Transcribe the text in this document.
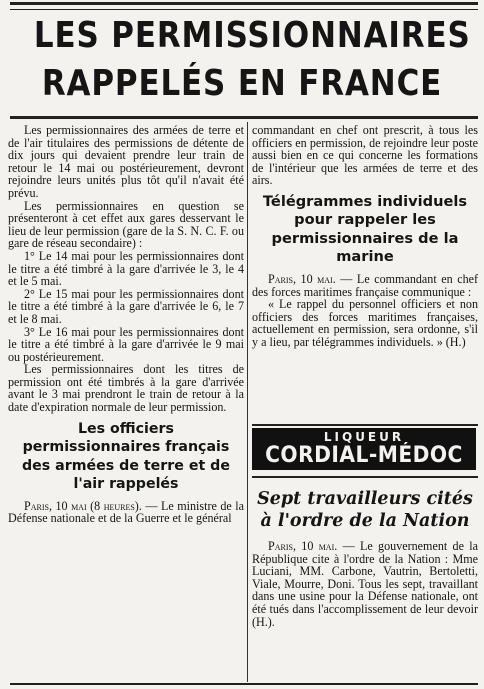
LES PERMISSIONNAIRES
RAPPELÉS EN FRANCE

Les permissionnaires des armées de terre et de l'air titulaires des permissions de détente de dix jours qui devaient prendre leur train de retour le 14 mai ou postérieurement, devront rejoindre leurs unités plus tôt qu'il n'avait été prévu.

Les permissionnaires en question se présenteront à cet effet aux gares desservant le lieu de leur permission (gare de la S. N. C. F. ou gare de réseau secondaire) :

1° Le 14 mai pour les permissionnaires dont le titre a été timbré à la gare d'arrivée le 3, le 4 et le 5 mai.

2° Le 15 mai pour les permissionnaires dont le titre a été timbré à la gare d'arrivée le 6, le 7 et le 8 mai.

3° Le 16 mai pour les permissionnaires dont le titre a été timbré à la gare d'arrivée le 9 mai ou postérieurement.

Les permissionnaires dont les titres de permission ont été timbrés à la gare d'arrivée avant le 3 mai prendront le train de retour à la date d'expiration normale de leur permission.

Les officiers permissionnaires français des armées de terre et de l'air rappelés

Paris, 10 mai (8 heures). — Le ministre de la Défense nationale et de la Guerre et le général

commandant en chef ont prescrit, à tous les officiers en permission, de rejoindre leur poste aussi bien en ce qui concerne les formations de l'intérieur que les armées de terre et des airs.

Télégrammes individuels pour rappeler les permissionnaires de la marine

Paris, 10 mai. — Le commandant en chef des forces maritimes française communique :

« Le rappel du personnel officiers et non officiers des forces maritimes françaises, actuellement en permission, sera ordonne, s'il y a lieu, par télégrammes individuels. » (H.)

LIQUEUR
CORDIAL-MÉDOC
Sept travailleurs cités à l'ordre de la Nation

Paris, 10 mai. — Le gouvernement de la République cite à l'ordre de la Nation : Mme Luciani, MM. Carbone, Vautrin, Bertoletti, Viale, Mourre, Doni. Tous les sept, travaillant dans une usine pour la Défense nationale, ont été tués dans l'accomplissement de leur devoir (H.).
